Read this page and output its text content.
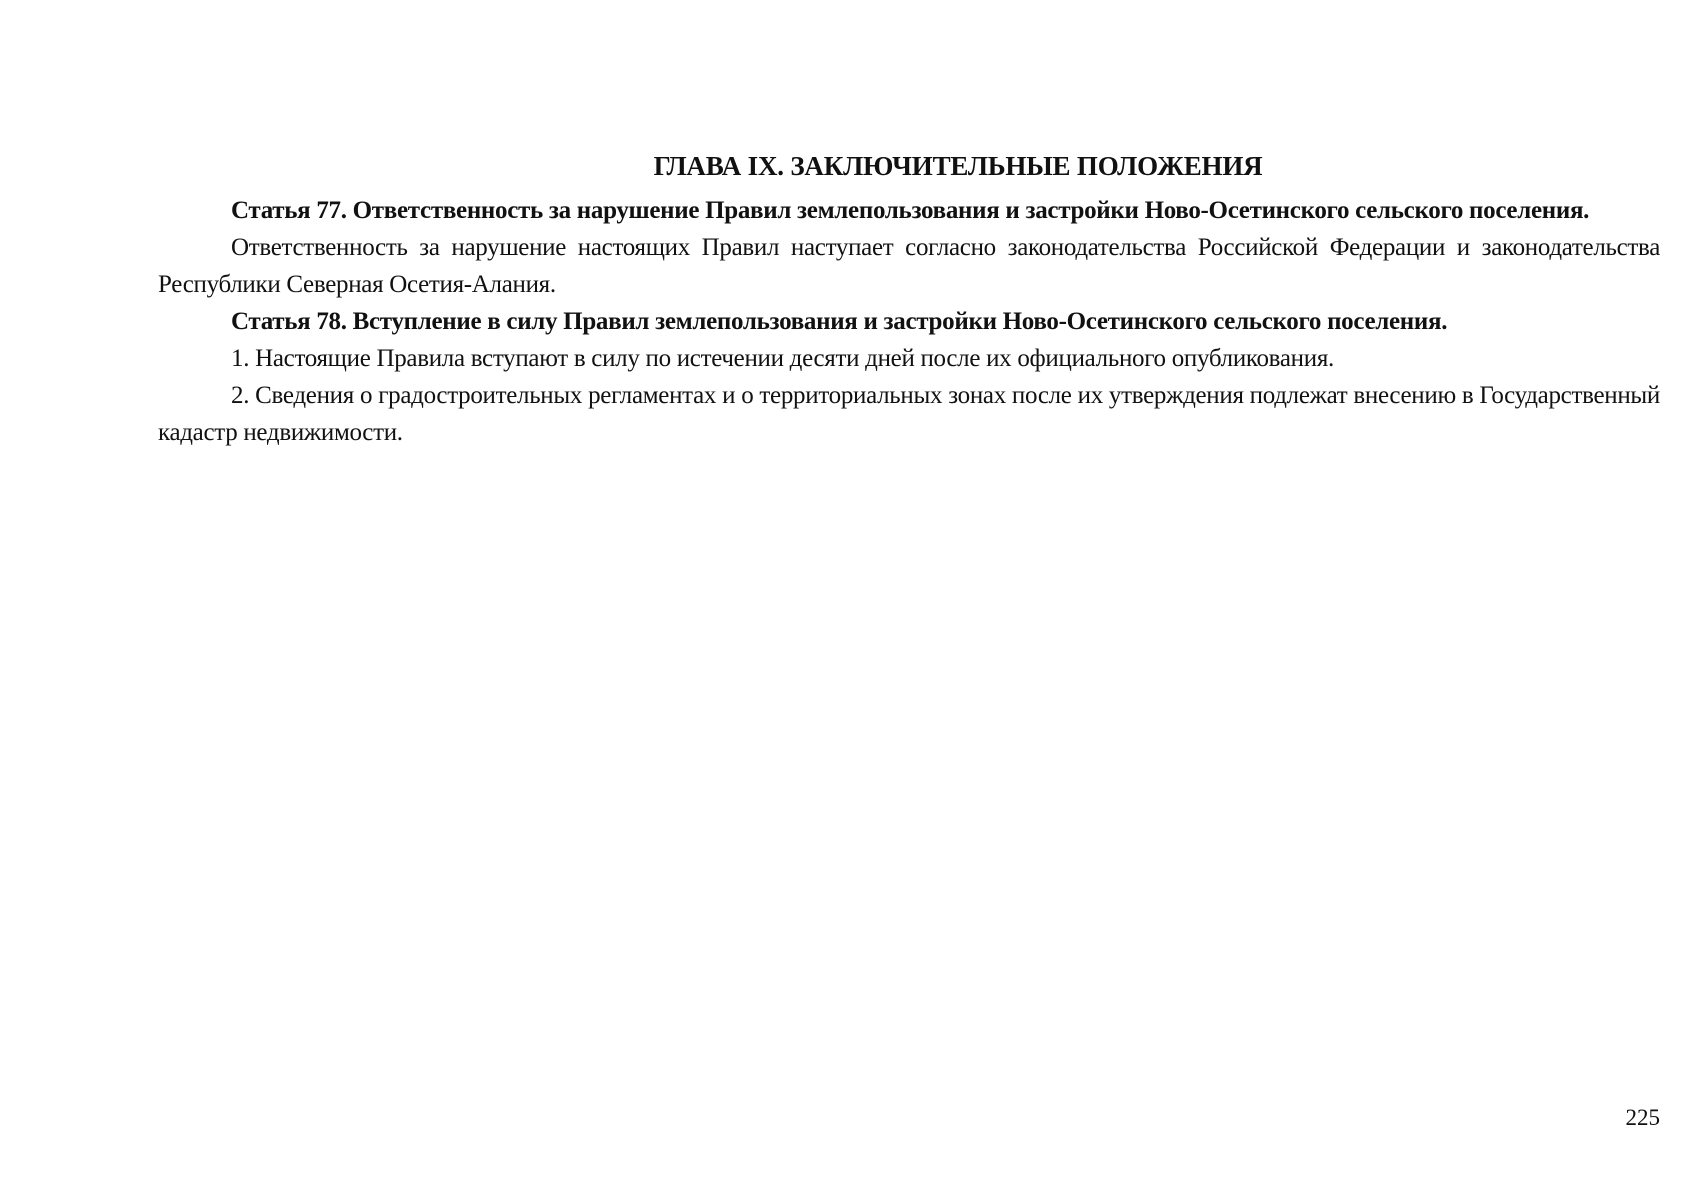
ГЛАВА IX. ЗАКЛЮЧИТЕЛЬНЫЕ ПОЛОЖЕНИЯ

Статья 77. Ответственность за нарушение Правил землепользования и застройки Ново-Осетинского сельского поселения.

Ответственность за нарушение настоящих Правил наступает согласно законодательства Российской Федерации и законодательства Республики Северная Осетия-Алания.

Статья 78. Вступление в силу Правил землепользования и застройки Ново-Осетинского сельского поселения.

1. Настоящие Правила вступают в силу по истечении десяти дней после их официального опубликования.

2. Сведения о градостроительных регламентах и о территориальных зонах после их утверждения подлежат внесению в Государственный кадастр недвижимости.

225
